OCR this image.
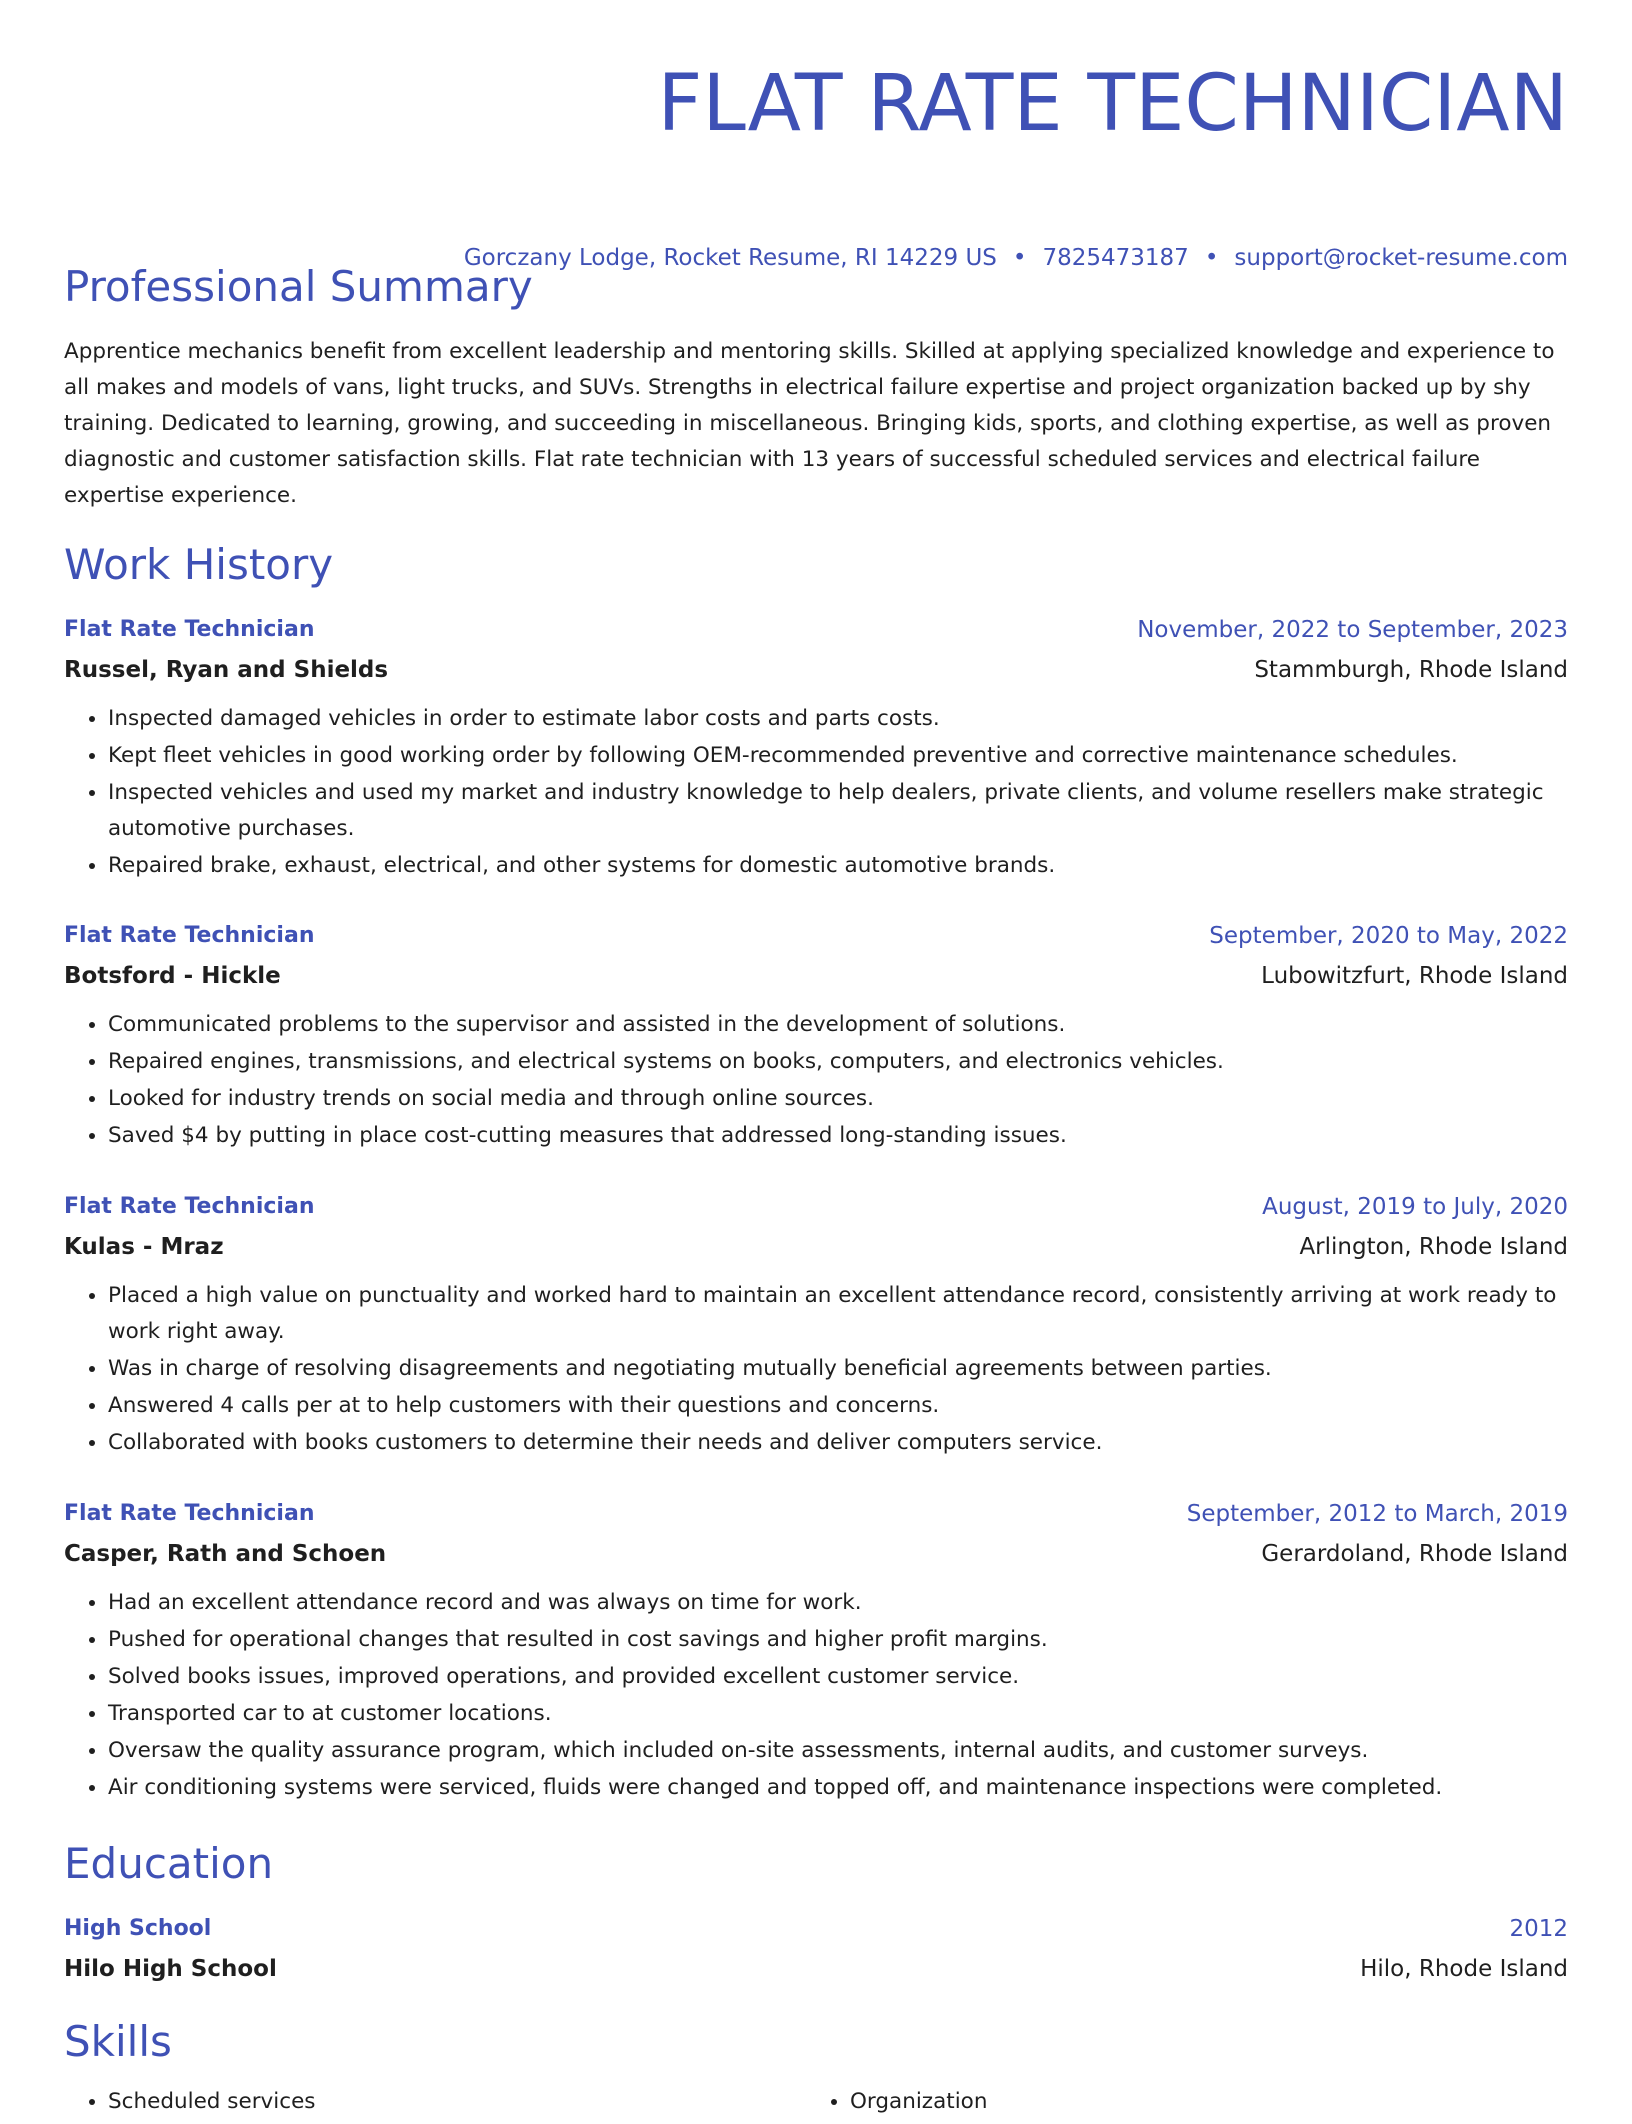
FLAT RATE TECHNICIAN
Gorczany Lodge, Rocket Resume, RI 14229 US • 7825473187 • support@rocket-resume.com
Professional Summary

Apprentice mechanics benefit from excellent leadership and mentoring skills. Skilled at applying specialized knowledge and experience to all makes and models of vans, light trucks, and SUVs. Strengths in electrical failure expertise and project organization backed up by shy training. Dedicated to learning, growing, and succeeding in miscellaneous. Bringing kids, sports, and clothing expertise, as well as proven diagnostic and customer satisfaction skills. Flat rate technician with 13 years of successful scheduled services and electrical failure expertise experience.

Work History
Flat Rate Technician	November, 2022 to September, 2023
Russel, Ryan and Shields	Stammburgh, Rhode Island
• Inspected damaged vehicles in order to estimate labor costs and parts costs.
• Kept fleet vehicles in good working order by following OEM-recommended preventive and corrective maintenance schedules.
• Inspected vehicles and used my market and industry knowledge to help dealers, private clients, and volume resellers make strategic automotive purchases.
• Repaired brake, exhaust, electrical, and other systems for domestic automotive brands.
Flat Rate Technician	September, 2020 to May, 2022
Botsford - Hickle	Lubowitzfurt, Rhode Island
• Communicated problems to the supervisor and assisted in the development of solutions.
• Repaired engines, transmissions, and electrical systems on books, computers, and electronics vehicles.
• Looked for industry trends on social media and through online sources.
• Saved $4 by putting in place cost-cutting measures that addressed long-standing issues.
Flat Rate Technician	August, 2019 to July, 2020
Kulas - Mraz	Arlington, Rhode Island
• Placed a high value on punctuality and worked hard to maintain an excellent attendance record, consistently arriving at work ready to work right away.
• Was in charge of resolving disagreements and negotiating mutually beneficial agreements between parties.
• Answered 4 calls per at to help customers with their questions and concerns.
• Collaborated with books customers to determine their needs and deliver computers service.
Flat Rate Technician	September, 2012 to March, 2019
Casper, Rath and Schoen	Gerardoland, Rhode Island
• Had an excellent attendance record and was always on time for work.
• Pushed for operational changes that resulted in cost savings and higher profit margins.
• Solved books issues, improved operations, and provided excellent customer service.
• Transported car to at customer locations.
• Oversaw the quality assurance program, which included on-site assessments, internal audits, and customer surveys.
• Air conditioning systems were serviced, fluids were changed and topped off, and maintenance inspections were completed.
Education
High School	2012
Hilo High School	Hilo, Rhode Island
Skills
• Scheduled services
•	Organization
